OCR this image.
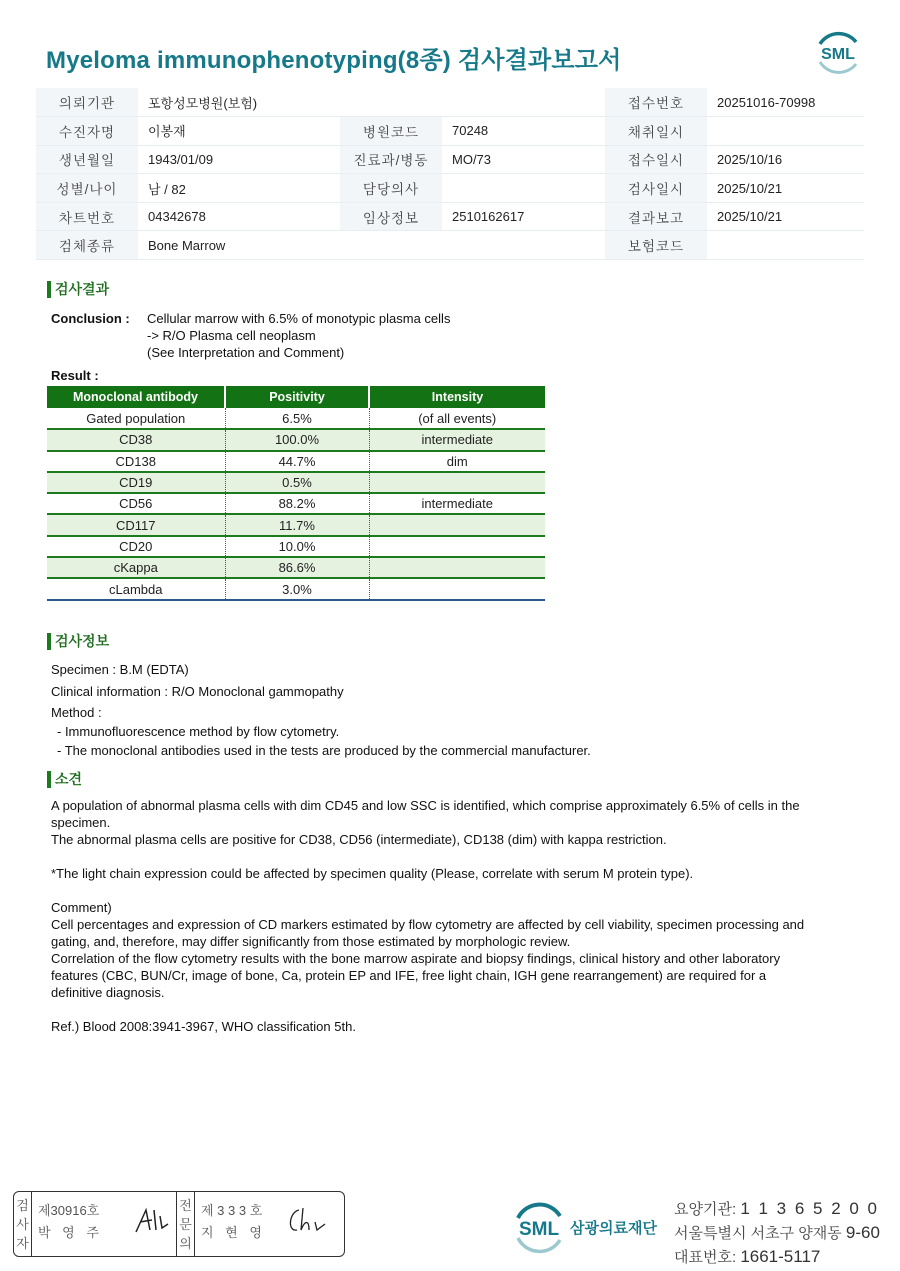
Myeloma immunophenotyping(8종) 검사결과보고서	SML
의뢰기관	포항성모병원(보험)			접수번호	20251016-70998
수진자명	이봉재	병원코드	70248	채취일시	
생년월일	1943/01/09	진료과/병동	MO/73	접수일시	2025/10/16
성별/나이	남 / 82	담당의사		검사일시	2025/10/21
차트번호	04342678	임상정보	2510162617	결과보고	2025/10/21
검체종류	Bone Marrow			보험코드	
검사결과
Conclusion : Cellular marrow with 6.5% of monotypic plasma cells
-> R/O Plasma cell neoplasm
(See Interpretation and Comment)
Result :
Monoclonal antibody	Positivity	Intensity
Gated population	6.5%	(of all events)
CD38	100.0%	intermediate
CD138	44.7%	dim
CD19	0.5%	
CD56	88.2%	intermediate
CD117	11.7%	
CD20	10.0%	
cKappa	86.6%	
cLambda	3.0%	
검사정보
Specimen : B.M (EDTA)
Clinical information : R/O Monoclonal gammopathy
Method :
- Immunofluorescence method by flow cytometry.
- The monoclonal antibodies used in the tests are produced by the commercial manufacturer.
소견
A population of abnormal plasma cells with dim CD45 and low SSC is identified, which comprise approximately 6.5% of cells in the specimen.
The abnormal plasma cells are positive for CD38, CD56 (intermediate), CD138 (dim) with kappa restriction.
*The light chain expression could be affected by specimen quality (Please, correlate with serum M protein type).
Comment)
Cell percentages and expression of CD markers estimated by flow cytometry are affected by cell viability, specimen processing and gating, and, therefore, may differ significantly from those estimated by morphologic review.
Correlation of the flow cytometry results with the bone marrow aspirate and biopsy findings, clinical history and other laboratory features (CBC, BUN/Cr, image of bone, Ca, protein EP and IFE, free light chain, IGH gene rearrangement) are required for a definitive diagnosis.
Ref.) Blood 2008:3941-3967, WHO classification 5th.
검사자
제30916호
박 영 주
전문의
제 3 3 3 호
지 현 영	SML 삼광의료재단
요양기관: 1 1 3 6 5 2 0 0
서울특별시 서초구 양재동 9-60
대표번호: 1661-5117
